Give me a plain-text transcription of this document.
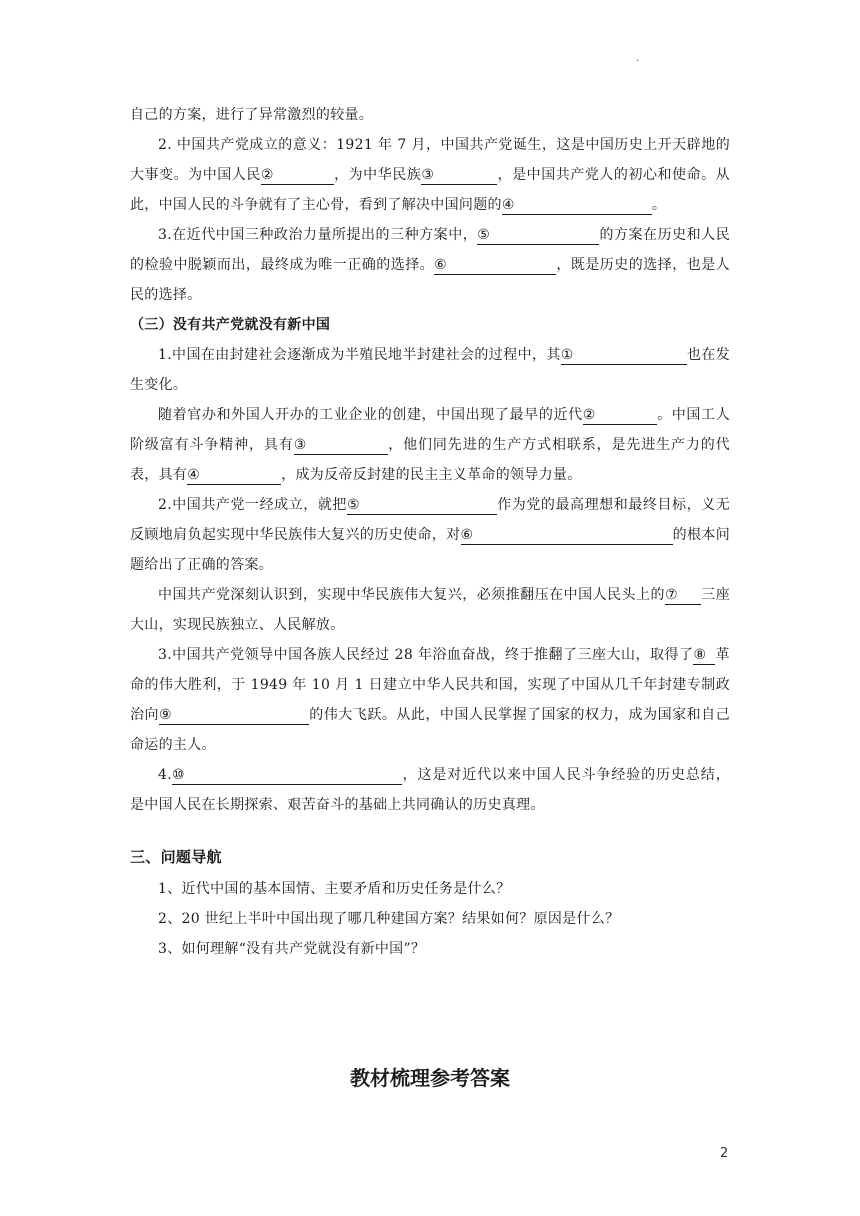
·

自己的方案，进行了异常激烈的较量。

2. 中国共产党成立的意义：1921 年 7 月，中国共产党诞生，这是中国历史上开天辟地的大事变。为中国人民②	，为中华民族③	，是中国共产党人的初心和使命。从此，中国人民的斗争就有了主心骨，看到了解决中国问题的④	。

3.在近代中国三种政治力量所提出的三种方案中，⑤	的方案在历史和人民的检验中脱颖而出，最终成为唯一正确的选择。⑥	，既是历史的选择，也是人民的选择。

（三）没有共产党就没有新中国

1.中国在由封建社会逐渐成为半殖民地半封建社会的过程中，其①	也在发生变化。

随着官办和外国人开办的工业企业的创建，中国出现了最早的近代②	。中国工人阶级富有斗争精神，具有③	，他们同先进的生产方式相联系，是先进生产力的代表，具有④	，成为反帝反封建的民主主义革命的领导力量。

2.中国共产党一经成立，就把⑤	作为党的最高理想和最终目标，义无反顾地肩负起实现中华民族伟大复兴的历史使命，对⑥	的根本问题给出了正确的答案。

中国共产党深刻认识到，实现中华民族伟大复兴，必须推翻压在中国人民头上的⑦ 三座大山，实现民族独立、人民解放。

3.中国共产党领导中国各族人民经过 28 年浴血奋战，终于推翻了三座大山，取得了⑧ 革命的伟大胜利，于 1949 年 10 月 1 日建立中华人民共和国，实现了中国从几千年封建专制政治向⑨	的伟大飞跃。从此，中国人民掌握了国家的权力，成为国家和自己命运的主人。

4.⑩	，这是对近代以来中国人民斗争经验的历史总结，是中国人民在长期探索、艰苦奋斗的基础上共同确认的历史真理。

三、问题导航

1、近代中国的基本国情、主要矛盾和历史任务是什么？

2、20 世纪上半叶中国出现了哪几种建国方案？结果如何？原因是什么？

3、如何理解“没有共产党就没有新中国”？

教材梳理参考答案
2
